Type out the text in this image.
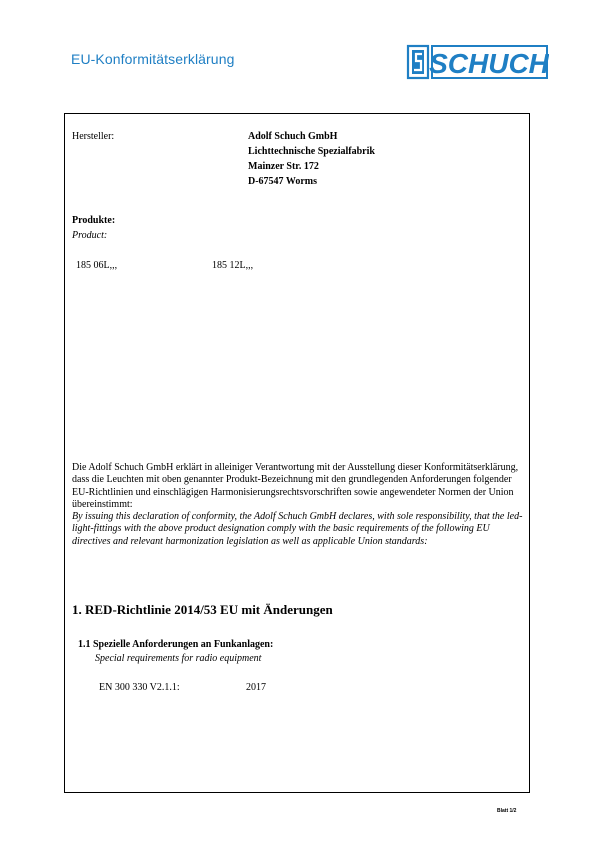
EU-Konformitätserklärung	SCHUCH
Hersteller:	Adolf Schuch GmbH
Lichttechnische Spezialfabrik
Mainzer Str. 172
D-67547 Worms
Produkte:
Product:
185 06L,,,	185 12L,,,
Die Adolf Schuch GmbH erklärt in alleiniger Verantwortung mit der Ausstellung dieser Konformitätserklärung, dass die Leuchten mit oben genannter Produkt-Bezeichnung mit den grundlegenden Anforderungen folgender EU-Richtlinien und einschlägigen Harmonisierungsrechtsvorschriften sowie angewendeter Normen der Union übereinstimmt:
By issuing this declaration of conformity, the Adolf Schuch GmbH declares, with sole responsibility, that the led-light-fittings with the above product designation comply with the basic requirements of the following EU directives and relevant harmonization legislation as well as applicable Union standards:
1. RED-Richtlinie 2014/53 EU mit Änderungen
1.1 Spezielle Anforderungen an Funkanlagen:
Special requirements for radio equipment
EN 300 330 V2.1.1:	2017
Blatt 1/2
